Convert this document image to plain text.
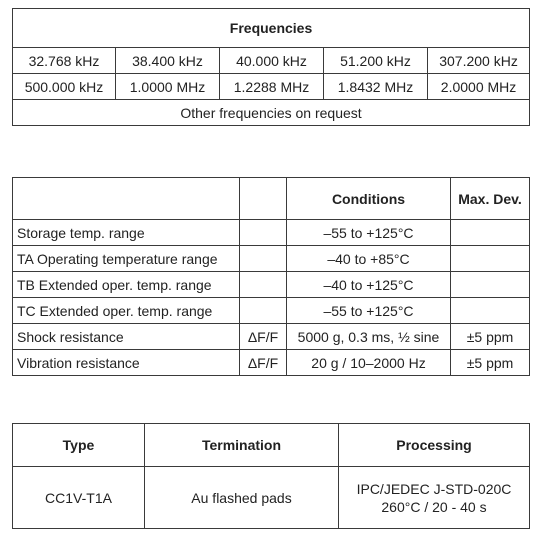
Frequencies				
32.768 kHz	38.400 kHz	40.000 kHz	51.200 kHz	307.200 kHz
500.000 kHz	1.0000 MHz	1.2288 MHz	1.8432 MHz	2.0000 MHz
Other frequencies on request				
		Conditions	Max. Dev.
Storage temp. range		–55 to +125°C	
TA Operating temperature range		–40 to +85°C	
TB Extended oper. temp. range		–40 to +125°C	
TC Extended oper. temp. range		–55 to +125°C	
Shock resistance	ΔF/F	5000 g, 0.3 ms, ½ sine	±5 ppm
Vibration resistance	ΔF/F	20 g / 10–2000 Hz	±5 ppm
Type	Termination	Processing
CC1V-T1A	Au flashed pads	IPC/JEDEC J-STD-020C
260°C / 20 - 40 s
